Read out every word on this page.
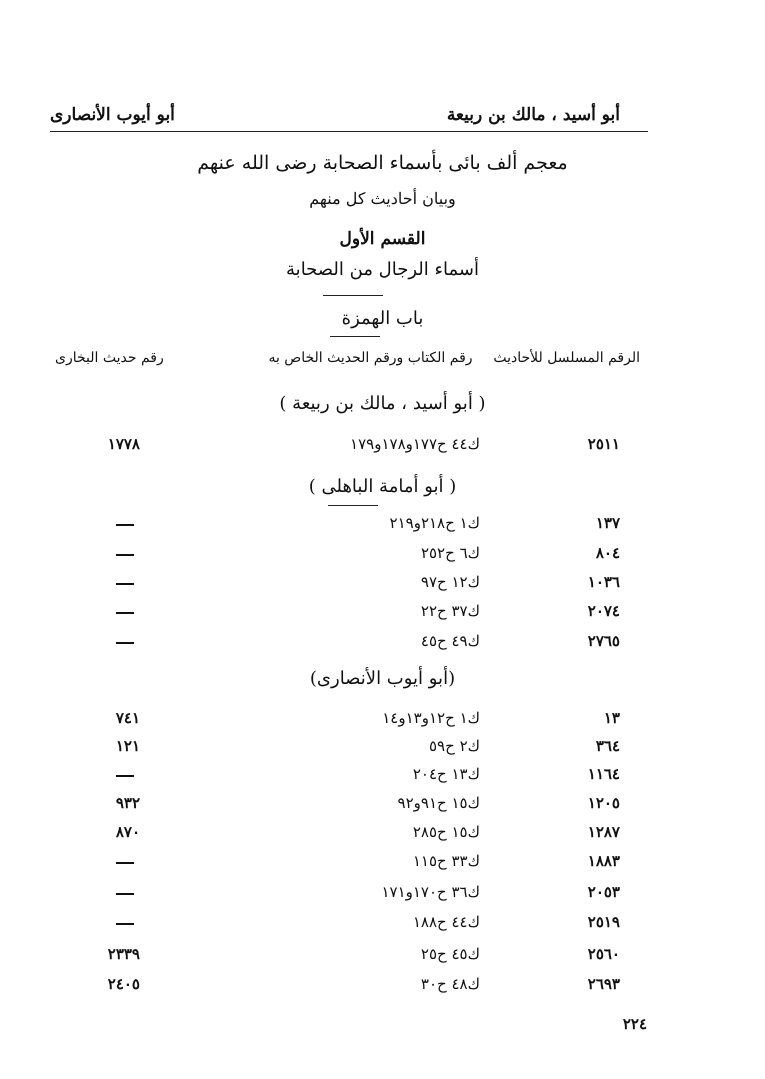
أبو أسيد ، مالك بن ربيعة
أبو أيوب الأنصارى
معجم ألف بائى بأسماء الصحابة رضى الله عنهم
وبيان أحاديث كل منهم
القسم الأول
أسماء الرجال من الصحابة
باب الهمزة
الرقم المسلسل للأحاديث
رقم الكتاب ورقم الحديث الخاص به
رقم حديث البخارى
( أبو أسيد ، مالك بن ربيعة )
٢٥١١
ك٤٤ ح١٧٧و١٧٨و١٧٩
١٧٧٨
( أبو أمامة الباهلى )
١٣٧
ك١ ح٢١٨و٢١٩
٨٠٤
ك٦ ح٢٥٢
١٠٣٦
ك١٢ ح٩٧
٢٠٧٤
ك٣٧ ح٢٢
٢٧٦٥
ك٤٩ ح٤٥
(أبو أيوب الأنصارى)
١٣
ك١ ح١٢و١٣و١٤
٧٤١
٣٦٤
ك٢ ح٥٩
١٢١
١١٦٤
ك١٣ ح٢٠٤
١٢٠٥
ك١٥ ح٩١و٩٢
٩٣٢
١٢٨٧
ك١٥ ح٢٨٥
٨٧٠
١٨٨٣
ك٣٣ ح١١٥
٢٠٥٣
ك٣٦ ح١٧٠و١٧١
٢٥١٩
ك٤٤ ح١٨٨
٢٥٦٠
ك٤٥ ح٢٥
٢٣٣٩
٢٦٩٣
ك٤٨ ح٣٠
٢٤٠٥
٢٢٤
